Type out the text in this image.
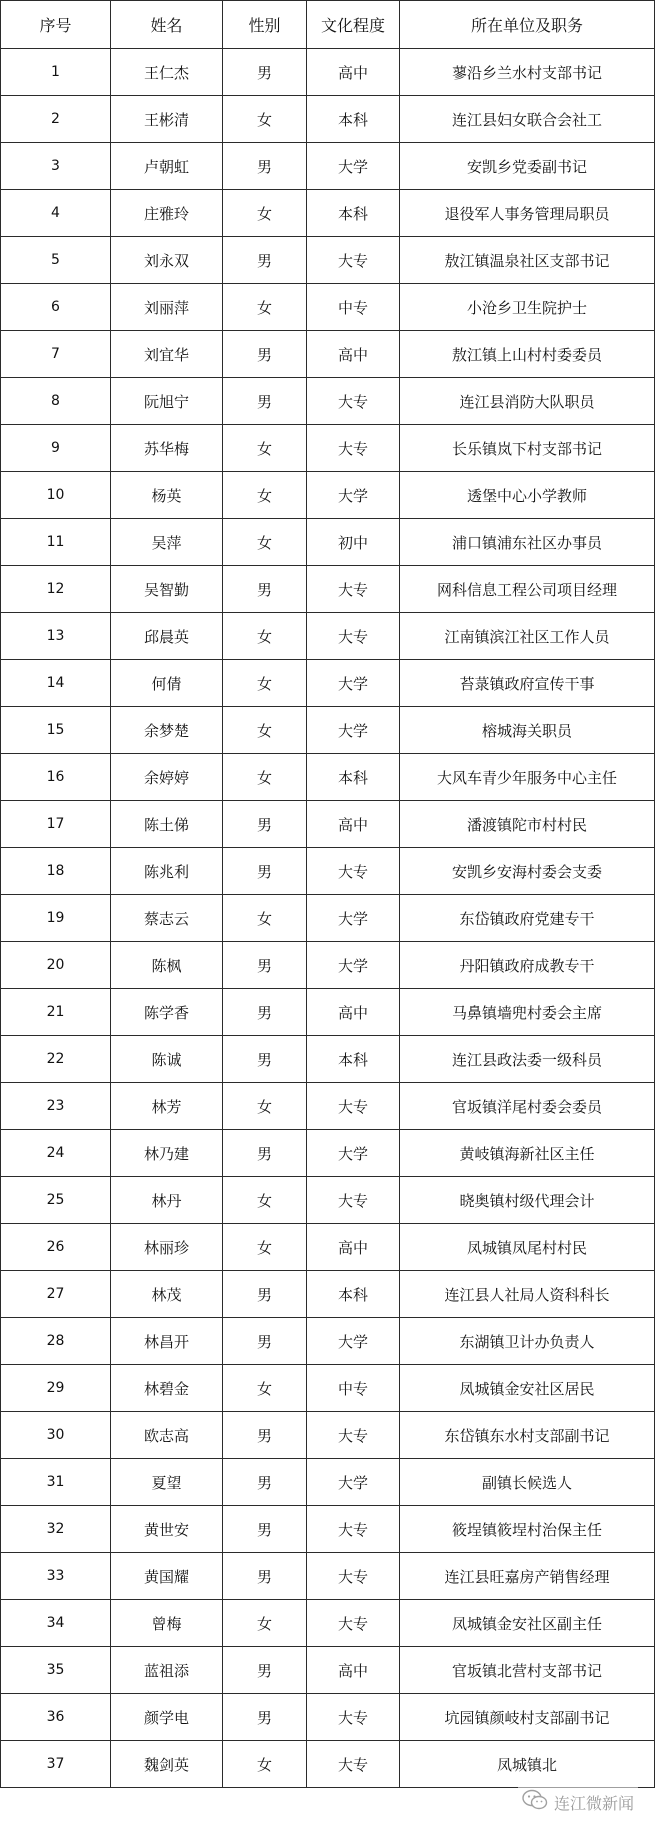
序号	姓名	性别	文化程度	所在单位及职务
1	王仁杰	男	高中	蓼沿乡兰水村支部书记
2	王彬清	女	本科	连江县妇女联合会社工
3	卢朝虹	男	大学	安凯乡党委副书记
4	庄雅玲	女	本科	退役军人事务管理局职员
5	刘永双	男	大专	敖江镇温泉社区支部书记
6	刘丽萍	女	中专	小沧乡卫生院护士
7	刘宜华	男	高中	敖江镇上山村村委委员
8	阮旭宁	男	大专	连江县消防大队职员
9	苏华梅	女	大专	长乐镇岚下村支部书记
10	杨英	女	大学	透堡中心小学教师
11	吴萍	女	初中	浦口镇浦东社区办事员
12	吴智勤	男	大专	网科信息工程公司项目经理
13	邱晨英	女	大专	江南镇滨江社区工作人员
14	何倩	女	大学	苔菉镇政府宣传干事
15	余梦楚	女	大学	榕城海关职员
16	余婷婷	女	本科	大风车青少年服务中心主任
17	陈土俤	男	高中	潘渡镇陀市村村民
18	陈兆利	男	大专	安凯乡安海村委会支委
19	蔡志云	女	大学	东岱镇政府党建专干
20	陈枫	男	大学	丹阳镇政府成教专干
21	陈学香	男	高中	马鼻镇墙兜村委会主席
22	陈诚	男	本科	连江县政法委一级科员
23	林芳	女	大专	官坂镇洋尾村委会委员
24	林乃建	男	大学	黄岐镇海新社区主任
25	林丹	女	大专	晓奥镇村级代理会计
26	林丽珍	女	高中	凤城镇凤尾村村民
27	林茂	男	本科	连江县人社局人资科科长
28	林昌开	男	大学	东湖镇卫计办负责人
29	林碧金	女	中专	凤城镇金安社区居民
30	欧志高	男	大专	东岱镇东水村支部副书记
31	夏望	男	大学	副镇长候选人
32	黄世安	男	大专	筱埕镇筱埕村治保主任
33	黄国耀	男	大专	连江县旺嘉房产销售经理
34	曾梅	女	大专	凤城镇金安社区副主任
35	蓝祖添	男	高中	官坂镇北营村支部书记
36	颜学电	男	大专	坑园镇颜岐村支部副书记
37	魏剑英	女	大专	凤城镇北
连江微新闻
